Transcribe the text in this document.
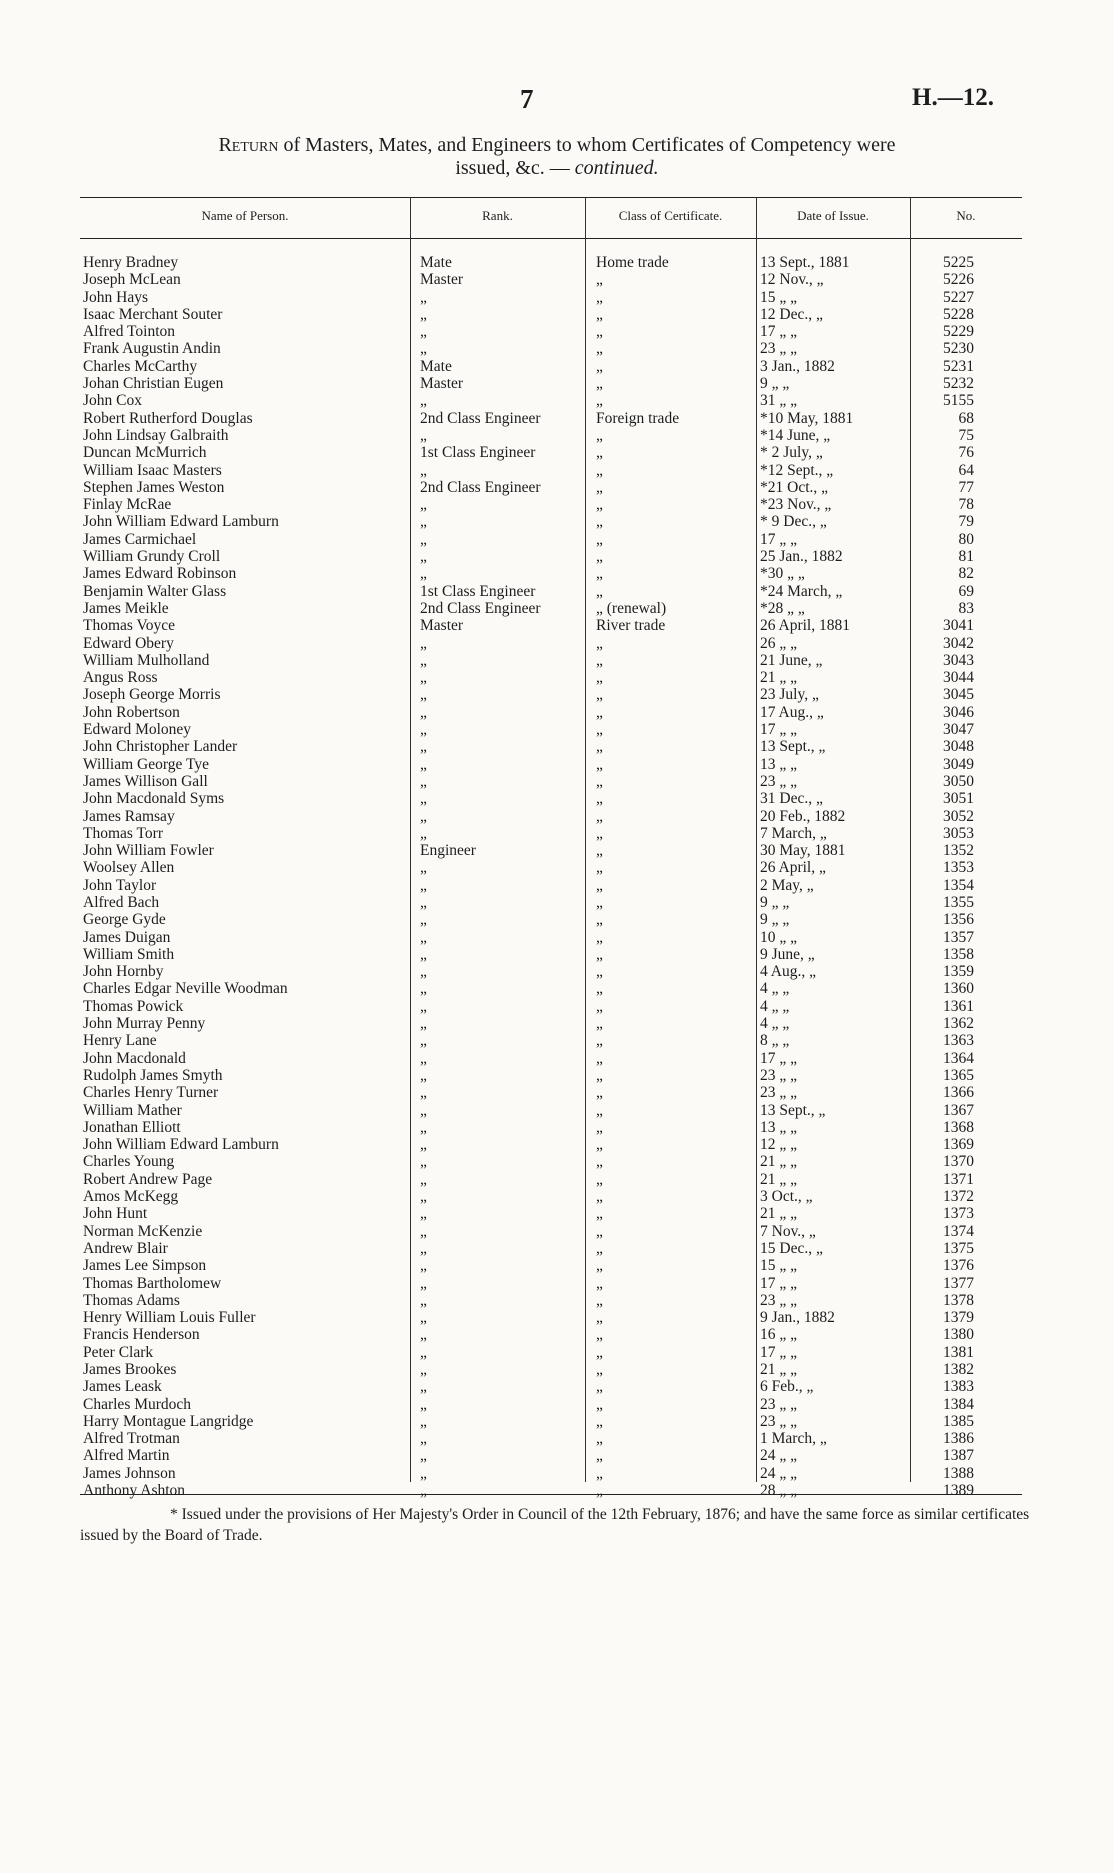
7	H.—12.
Return of Masters, Mates, and Engineers to whom Certificates of Competency were
issued, &c. — continued.
Name of Person.	Rank.	Class of Certificate.	Date of Issue.	No.
Henry Bradney	Mate	Home trade	13 Sept., 1881	5225
Joseph McLean	Master	„	12 Nov., „	5226
John Hays	„	„	15 „ „	5227
Isaac Merchant Souter	„	„	12 Dec., „	5228
Alfred Tointon	„	„	17 „ „	5229
Frank Augustin Andin	„	„	23 „ „	5230
Charles McCarthy	Mate	„	3 Jan., 1882	5231
Johan Christian Eugen	Master	„	9 „ „	5232
John Cox	„	„	31 „ „	5155
Robert Rutherford Douglas	2nd Class Engineer	Foreign trade	*10 May, 1881	68
John Lindsay Galbraith	„	„	*14 June, „	75
Duncan McMurrich	1st Class Engineer	„	* 2 July, „	76
William Isaac Masters	„	„	*12 Sept., „	64
Stephen James Weston	2nd Class Engineer	„	*21 Oct., „	77
Finlay McRae	„	„	*23 Nov., „	78
John William Edward Lamburn	„	„	* 9 Dec., „	79
James Carmichael	„	„	17 „ „	80
William Grundy Croll	„	„	25 Jan., 1882	81
James Edward Robinson	„	„	*30 „ „	82
Benjamin Walter Glass	1st Class Engineer	„	*24 March, „	69
James Meikle	2nd Class Engineer	„ (renewal)	*28 „ „	83
Thomas Voyce	Master	River trade	26 April, 1881	3041
Edward Obery	„	„	26 „ „	3042
William Mulholland	„	„	21 June, „	3043
Angus Ross	„	„	21 „ „	3044
Joseph George Morris	„	„	23 July, „	3045
John Robertson	„	„	17 Aug., „	3046
Edward Moloney	„	„	17 „ „	3047
John Christopher Lander	„	„	13 Sept., „	3048
William George Tye	„	„	13 „ „	3049
James Willison Gall	„	„	23 „ „	3050
John Macdonald Syms	„	„	31 Dec., „	3051
James Ramsay	„	„	20 Feb., 1882	3052
Thomas Torr	„	„	7 March, „	3053
John William Fowler	Engineer	„	30 May, 1881	1352
Woolsey Allen	„	„	26 April, „	1353
John Taylor	„	„	2 May, „	1354
Alfred Bach	„	„	9 „ „	1355
George Gyde	„	„	9 „ „	1356
James Duigan	„	„	10 „ „	1357
William Smith	„	„	9 June, „	1358
John Hornby	„	„	4 Aug., „	1359
Charles Edgar Neville Woodman	„	„	4 „ „	1360
Thomas Powick	„	„	4 „ „	1361
John Murray Penny	„	„	4 „ „	1362
Henry Lane	„	„	8 „ „	1363
John Macdonald	„	„	17 „ „	1364
Rudolph James Smyth	„	„	23 „ „	1365
Charles Henry Turner	„	„	23 „ „	1366
William Mather	„	„	13 Sept., „	1367
Jonathan Elliott	„	„	13 „ „	1368
John William Edward Lamburn	„	„	12 „ „	1369
Charles Young	„	„	21 „ „	1370
Robert Andrew Page	„	„	21 „ „	1371
Amos McKegg	„	„	3 Oct., „	1372
John Hunt	„	„	21 „ „	1373
Norman McKenzie	„	„	7 Nov., „	1374
Andrew Blair	„	„	15 Dec., „	1375
James Lee Simpson	„	„	15 „ „	1376
Thomas Bartholomew	„	„	17 „ „	1377
Thomas Adams	„	„	23 „ „	1378
Henry William Louis Fuller	„	„	9 Jan., 1882	1379
Francis Henderson	„	„	16 „ „	1380
Peter Clark	„	„	17 „ „	1381
James Brookes	„	„	21 „ „	1382
James Leask	„	„	6 Feb., „	1383
Charles Murdoch	„	„	23 „ „	1384
Harry Montague Langridge	„	„	23 „ „	1385
Alfred Trotman	„	„	1 March, „	1386
Alfred Martin	„	„	24 „ „	1387
James Johnson	„	„	24 „ „	1388
Anthony Ashton	„	„	28 „ „	1389
* Issued under the provisions of Her Majesty's Order in Council of the 12th February, 1876; and have the same force as similar certificates issued by the Board of Trade.
